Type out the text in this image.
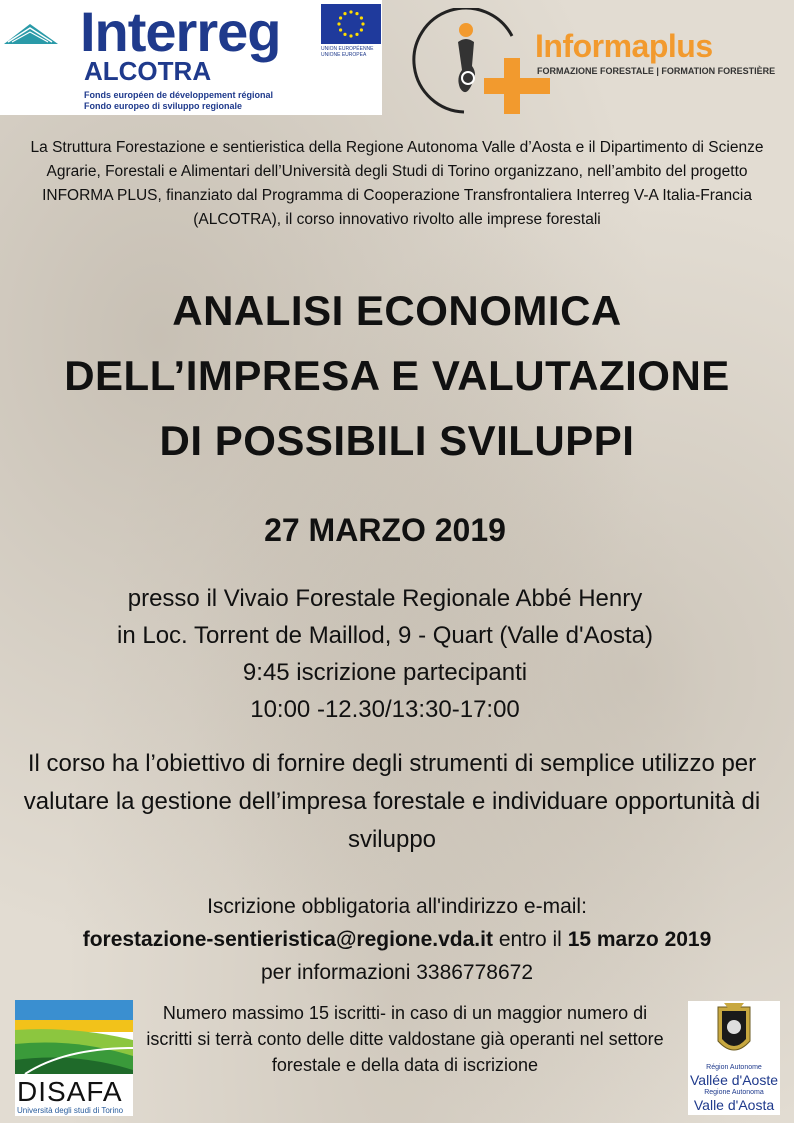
Interreg
ALCOTRA
Fonds européen de développement régional
Fondo europeo di sviluppo regionale
UNION EUROPÉENNE
UNIONE EUROPEA	Informaplus
FORMAZIONE FORESTALE | FORMATION FORESTIÈRE
La Struttura Forestazione e sentieristica della Regione Autonoma Valle d’Aosta e il Dipartimento di Scienze Agrarie, Forestali e Alimentari dell’Università degli Studi di Torino organizzano, nell’ambito del progetto INFORMA PLUS, finanziato dal Programma di Cooperazione Transfrontaliera Interreg V-A Italia-Francia (ALCOTRA), il corso innovativo rivolto alle imprese forestali
ANALISI ECONOMICA
DELL’IMPRESA E VALUTAZIONE
DI POSSIBILI SVILUPPI
27 MARZO 2019
presso il Vivaio Forestale Regionale Abbé Henry
in Loc. Torrent de Maillod, 9 - Quart (Valle d'Aosta)
9:45 iscrizione partecipanti
10:00 -12.30/13:30-17:00
Il corso ha l’obiettivo di fornire degli strumenti di semplice utilizzo per valutare la gestione dell’impresa forestale e individuare opportunità di sviluppo
Iscrizione obbligatoria all'indirizzo e-mail:
forestazione-sentieristica@regione.vda.it entro il 15 marzo 2019
per informazioni 3386778672
Numero massimo 15 iscritti- in caso di un maggior numero di iscritti si terrà conto delle ditte valdostane già operanti nel settore forestale e della data di iscrizione
DISAFA
Università degli studi di Torino
Région Autonome
Vallée d'Aoste
Regione Autonoma
Valle d'Aosta
